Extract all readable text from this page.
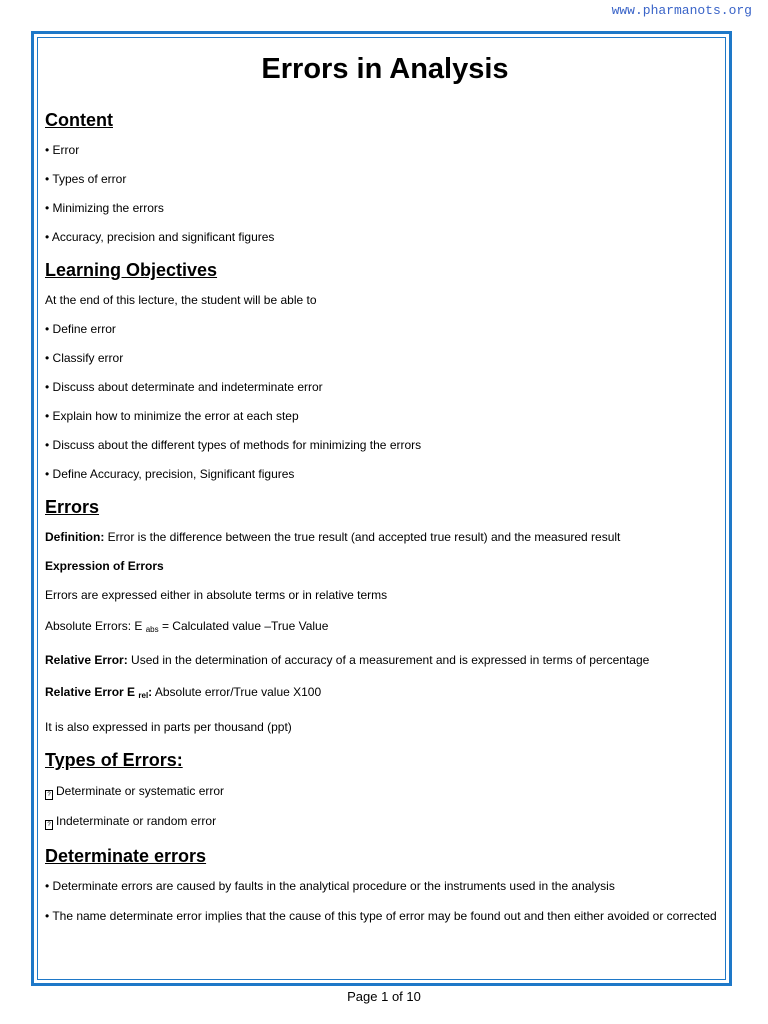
www.pharmanots.org
Errors in Analysis
Content
• Error
• Types of error
• Minimizing the errors
• Accuracy, precision and significant figures
Learning Objectives
At the end of this lecture, the student will be able to
• Define error
• Classify error
• Discuss about determinate and indeterminate error
• Explain how to minimize the error at each step
• Discuss about the different types of methods for minimizing the errors
• Define Accuracy, precision, Significant figures
Errors
Definition: Error is the difference between the true result (and accepted true result) and the measured result
Expression of Errors
Errors are expressed either in absolute terms or in relative terms
Absolute Errors: E $_{abs}$ = Calculated value –True Value
Relative Error: Used in the determination of accuracy of a measurement and is expressed in terms of percentage
Relative Error E $_{rel}$: Absolute error/True value X100
It is also expressed in parts per thousand (ppt)
Types of Errors:
? Determinate or systematic error
? Indeterminate or random error
Determinate errors
• Determinate errors are caused by faults in the analytical procedure or the instruments used in the analysis
• The name determinate error implies that the cause of this type of error may be found out and then either avoided or corrected
Page 1 of 10
